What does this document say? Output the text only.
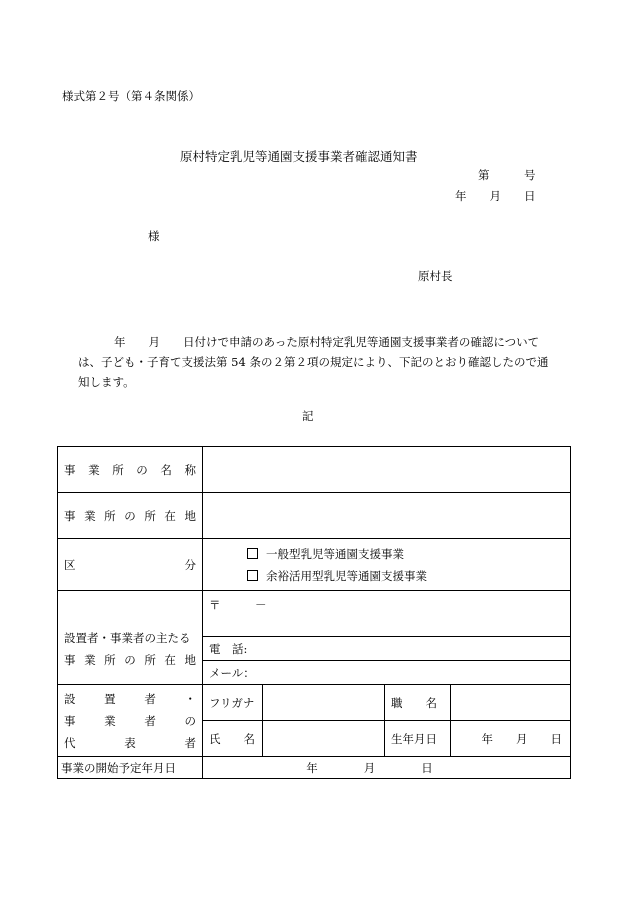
様式第２号（第４条関係）
原村特定乳児等通園支援事業者確認通知書
第　　　号
年　　月　　日
様
原村長
年　　月　　日付けで申請のあった原村特定乳児等通園支援事業者の確認については、子ども・子育て支援法第 54 条の２第２項の規定により、下記のとおり確認したので通知します。
記
事業所の名称				
事業所の所在地				
区 分	一般型乳児等通園支援事業
余裕活用型乳児等通園支援事業			

設置者・事業者の主たる
事業所の所在地	〒　　　－			
	電　話:			
	メール：			

設置者・
事業者の
代表者	フリガナ		職　　名	
	氏　　名		生年月日	年　　月　　日
事業の開始予定年月日	年　　　　月　　　　日			
